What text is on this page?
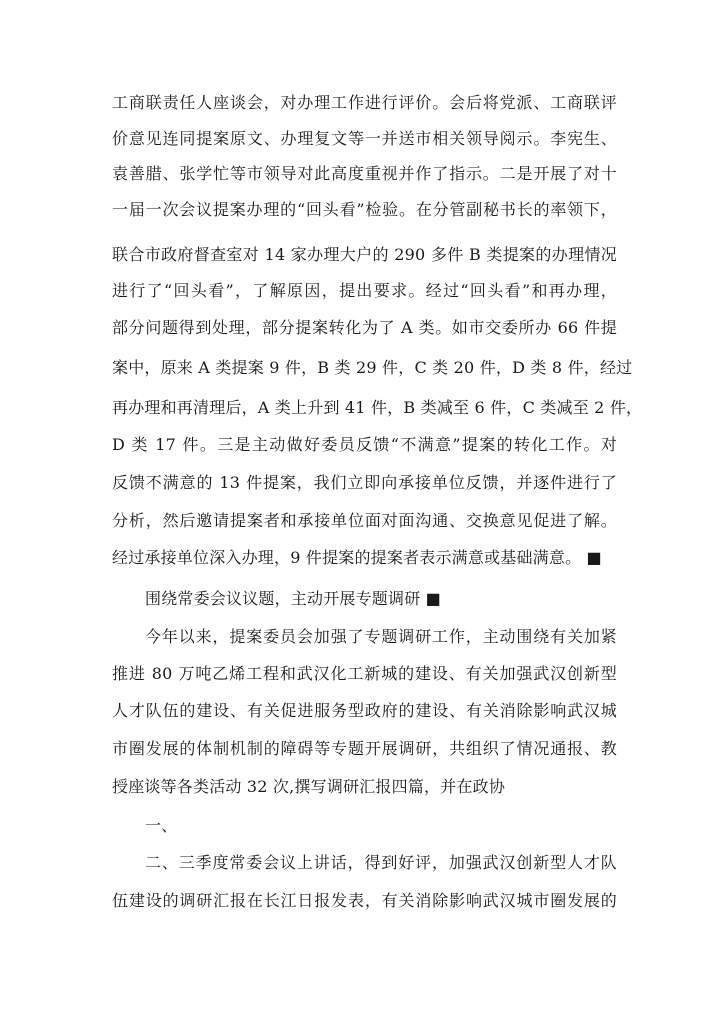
工商联责任人座谈会，对办理工作进行评价。会后将党派、工商联评
价意见连同提案原文、办理复文等一并送市相关领导阅示。李宪生、
袁善腊、张学忙等市领导对此高度重视并作了指示。二是开展了对十
一届一次会议提案办理的“回头看”检验。在分管副秘书长的率领下，
联合市政府督查室对 14 家办理大户的 290 多件 B 类提案的办理情况
进行了“回头看”，了解原因，提出要求。经过“回头看”和再办理，
部分问题得到处理，部分提案转化为了 A 类。如市交委所办 66 件提
案中，原来 A 类提案 9 件，B 类 29 件，C 类 20 件，D 类 8 件，经过
再办理和再清理后，A 类上升到 41 件，B 类减至 6 件，C 类减至 2 件，
D 类 17 件。三是主动做好委员反馈“不满意”提案的转化工作。对
反馈不满意的 13 件提案，我们立即向承接单位反馈，并逐件进行了
分析，然后邀请提案者和承接单位面对面沟通、交换意见促进了解。
经过承接单位深入办理，9 件提案的提案者表示满意或基础满意。 ■
围绕常委会议议题，主动开展专题调研 ■
今年以来，提案委员会加强了专题调研工作，主动围绕有关加紧
推进 80 万吨乙烯工程和武汉化工新城的建设、有关加强武汉创新型
人才队伍的建设、有关促进服务型政府的建设、有关消除影响武汉城
市圈发展的体制机制的障碍等专题开展调研，共组织了情况通报、教
授座谈等各类活动 32 次,撰写调研汇报四篇，并在政协
一、
二、三季度常委会议上讲话，得到好评，加强武汉创新型人才队
伍建设的调研汇报在长江日报发表，有关消除影响武汉城市圈发展的
